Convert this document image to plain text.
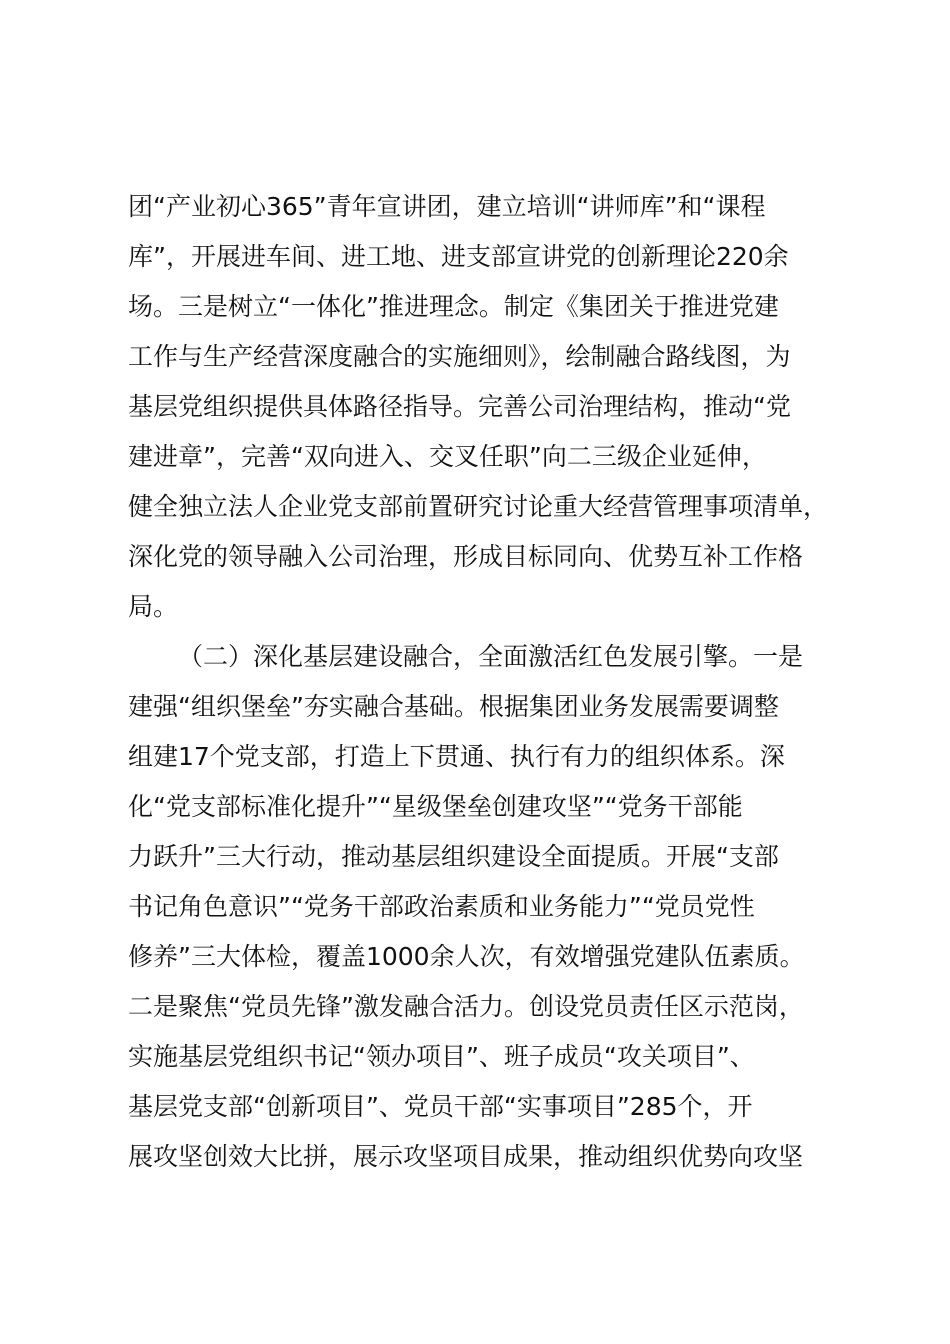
团“产业初心365”青年宣讲团，建立培训“讲师库”和“课程
库”，开展进车间、进工地、进支部宣讲党的创新理论220余
场。三是树立“一体化”推进理念。制定《集团关于推进党建
工作与生产经营深度融合的实施细则》，绘制融合路线图，为
基层党组织提供具体路径指导。完善公司治理结构，推动“党
建进章”，完善“双向进入、交叉任职”向二三级企业延伸，
健全独立法人企业党支部前置研究讨论重大经营管理事项清单，
深化党的领导融入公司治理，形成目标同向、优势互补工作格
局。
（二）深化基层建设融合，全面激活红色发展引擎。一是
建强“组织堡垒”夯实融合基础。根据集团业务发展需要调整
组建17个党支部，打造上下贯通、执行有力的组织体系。深
化“党支部标准化提升”“星级堡垒创建攻坚”“党务干部能
力跃升”三大行动，推动基层组织建设全面提质。开展“支部
书记角色意识”“党务干部政治素质和业务能力”“党员党性
修养”三大体检，覆盖1000余人次，有效增强党建队伍素质。
二是聚焦“党员先锋”激发融合活力。创设党员责任区示范岗，
实施基层党组织书记“领办项目”、班子成员“攻关项目”、
基层党支部“创新项目”、党员干部“实事项目”285个，开
展攻坚创效大比拼，展示攻坚项目成果，推动组织优势向攻坚
